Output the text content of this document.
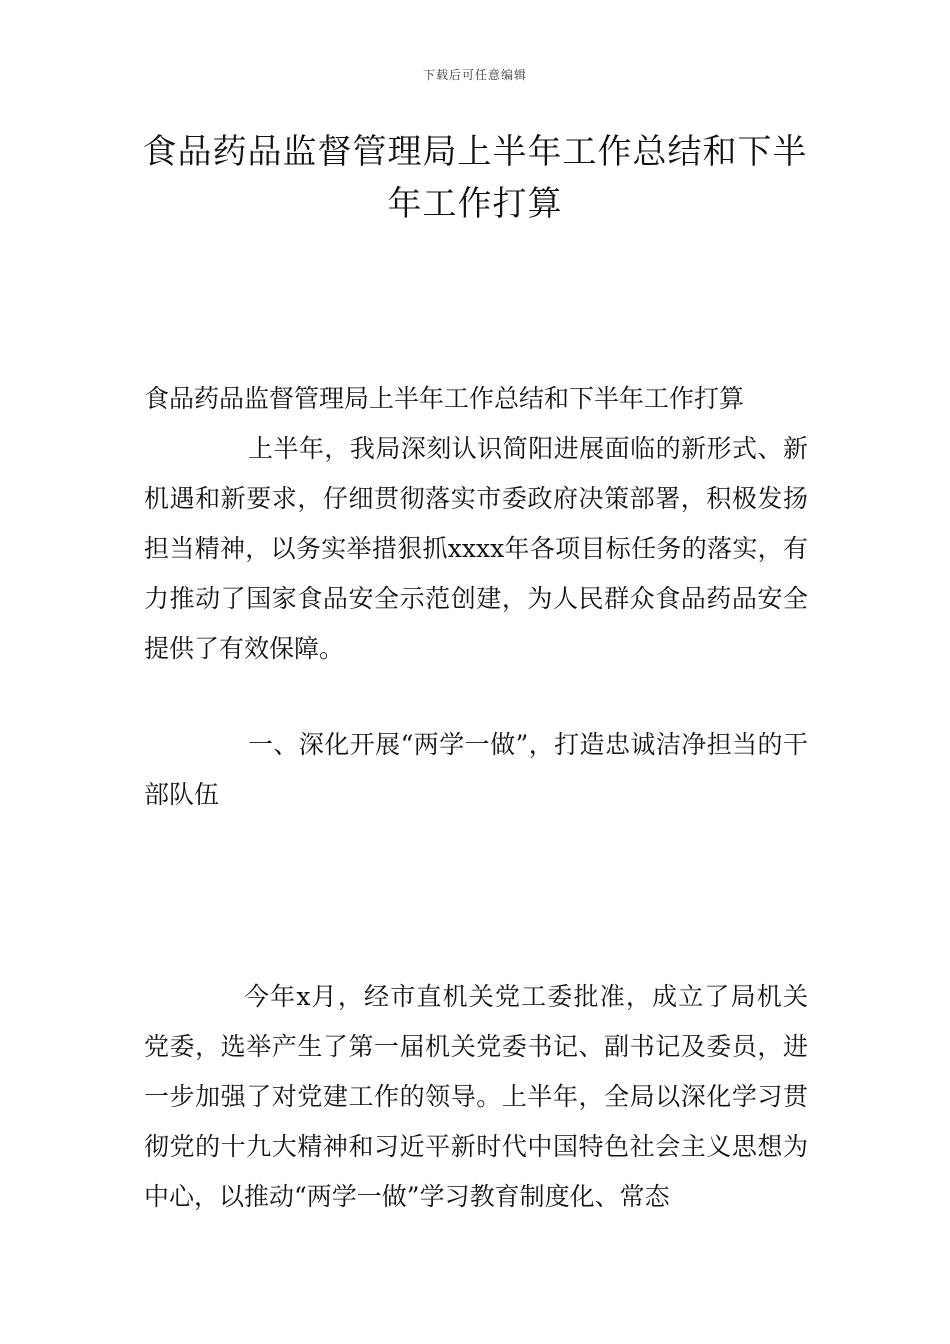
下载后可任意编辑
食品药品监督管理局上半年工作总结和下半年工作打算

食品药品监督管理局上半年工作总结和下半年工作打算

上半年，我局深刻认识简阳进展面临的新形式、新机遇和新要求，仔细贯彻落实市委政府决策部署，积极发扬担当精神，以务实举措狠抓xxxx年各项目标任务的落实，有力推动了国家食品安全示范创建，为人民群众食品药品安全提供了有效保障。

一、深化开展“两学一做”，打造忠诚洁净担当的干部队伍

今年x月，经市直机关党工委批准，成立了局机关党委，选举产生了第一届机关党委书记、副书记及委员，进一步加强了对党建工作的领导。上半年，全局以深化学习贯彻党的十九大精神和习近平新时代中国特色社会主义思想为中心，以推动“两学一做”学习教育制度化、常态
